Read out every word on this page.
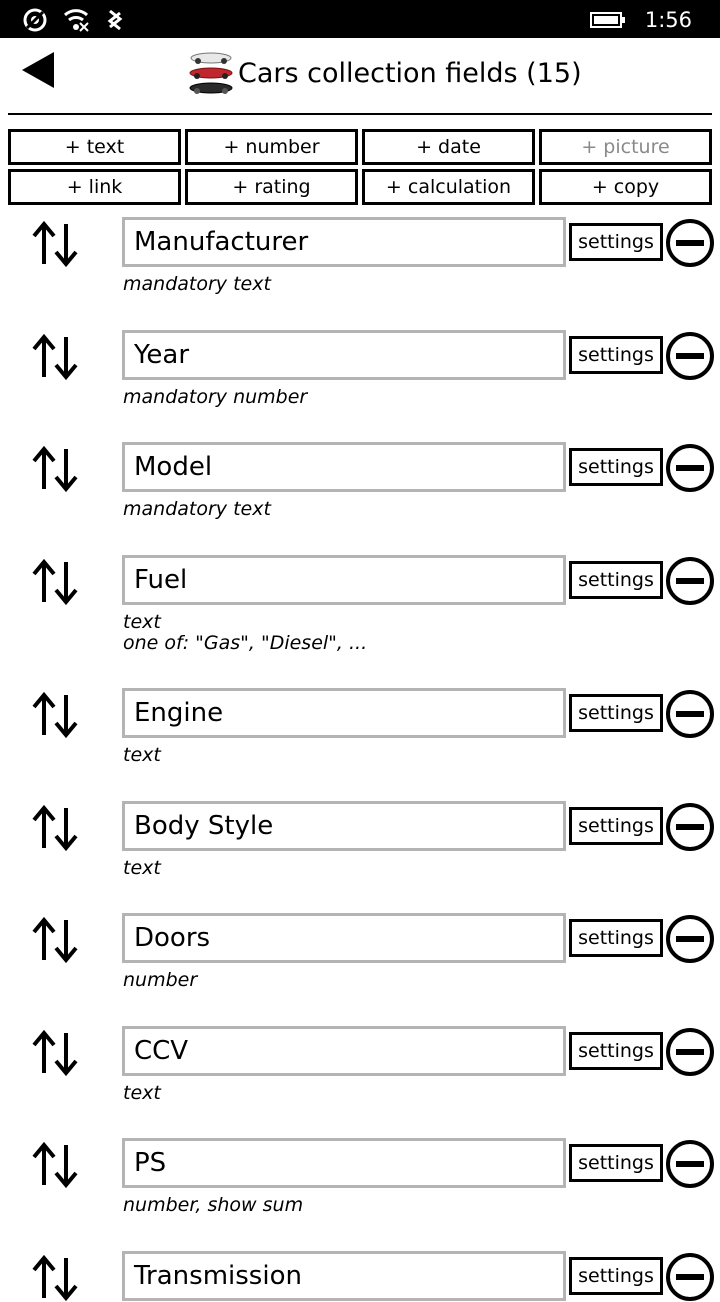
1:56
Cars collection fields (15)
+ text	+ number	+ date	+ picture
+ link	+ rating	+ calculation	+ copy
Manufacturer	settings
mandatory text
Year	settings
mandatory number
Model	settings
mandatory text
Fuel	settings
text
one of: "Gas", "Diesel", ...
Engine	settings
text
Body Style	settings
text
Doors	settings
number
CCV	settings
text
PS	settings
number, show sum
Transmission	settings
